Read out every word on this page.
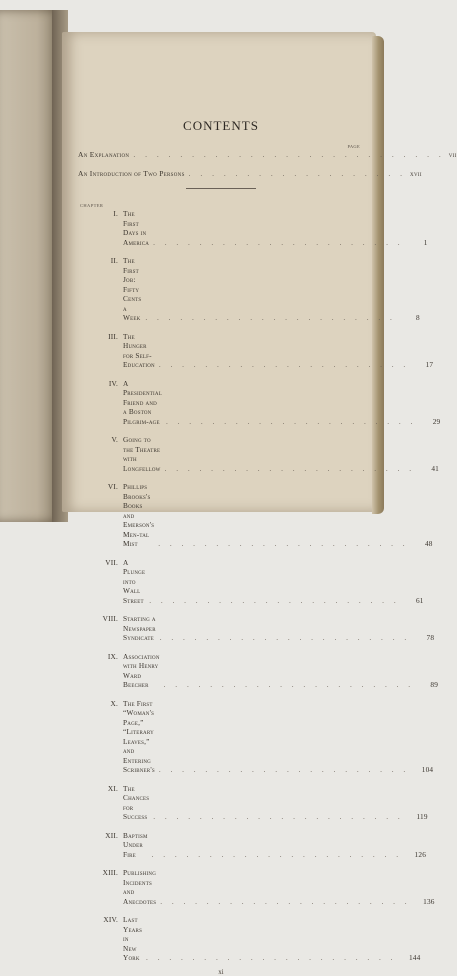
CONTENTS
PAGE
An Explanation . . . . . . . . . . . . . . . . . . . . . . . . . . . vii
An Introduction of Two Persons . . . . . . . . . . . . . . . . . . . xvii
CHAPTER
I. The First Days in America . . . . . . . . . . . . . . . . . . . . . .	1
II. The First Job: Fifty Cents a Week . . . . . . . . . . . . . . . . . . . . . .	8
III. The Hunger for Self-Education . . . . . . . . . . . . . . . . . . . . . .	17
IV. A Presidential Friend and a Boston Pilgrim-age . . . . . . . . . . . . . . . . . . . . . .	29
V. Going to the Theatre with Longfellow . . . . . . . . . . . . . . . . . . . . . .	41
VI. Phillips Brooks's Books and Emerson's Men-tal Mist	. . . . . . . . . . . . . . . . . . . . . .	48
VII. A Plunge into Wall Street . . . . . . . . . . . . . . . . . . . . . .	61
VIII. Starting a Newspaper Syndicate . . . . . . . . . . . . . . . . . . . . . .	78
IX. Association with Henry Ward Beecher	. . . . . . . . . . . . . . . . . . . . . .	89
X. The First “Woman's Page,” “Literary Leaves,” and Entering Scribner's . . . . . . . . . . . . . . . . . . . . . .	104
XI. The Chances for Success . . . . . . . . . . . . . . . . . . . . . .	119
XII. Baptism Under Fire	. . . . . . . . . . . . . . . . . . . . . .	126
XIII. Publishing Incidents and Anecdotes . . . . . . . . . . . . . . . . . . . . . .	136
XIV. Last Years in New York . . . . . . . . . . . . . . . . . . . . . .	144
xi
